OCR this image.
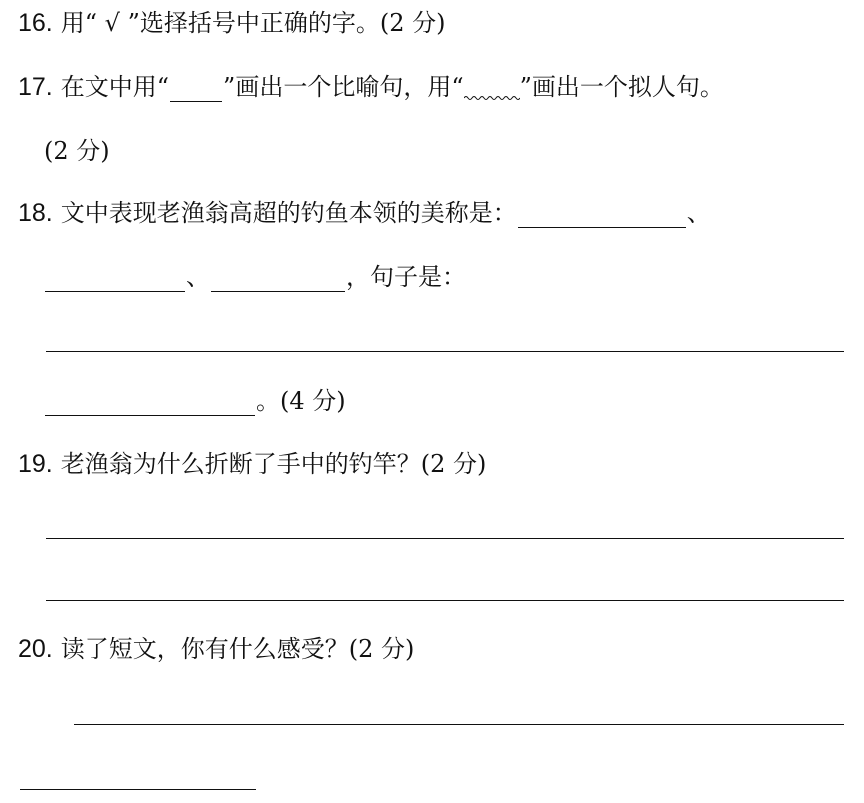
16. 用“ √ ”选择括号中正确的字。(2 分)
17. 在文中用“ ”画出一个比喻句，用“ ”画出一个拟人句。
(2 分)
18. 文中表现老渔翁高超的钓鱼本领的美称是：	、
、	，句子是：
。(4 分)
19. 老渔翁为什么折断了手中的钓竿？(2 分)
20. 读了短文，你有什么感受？(2 分)
